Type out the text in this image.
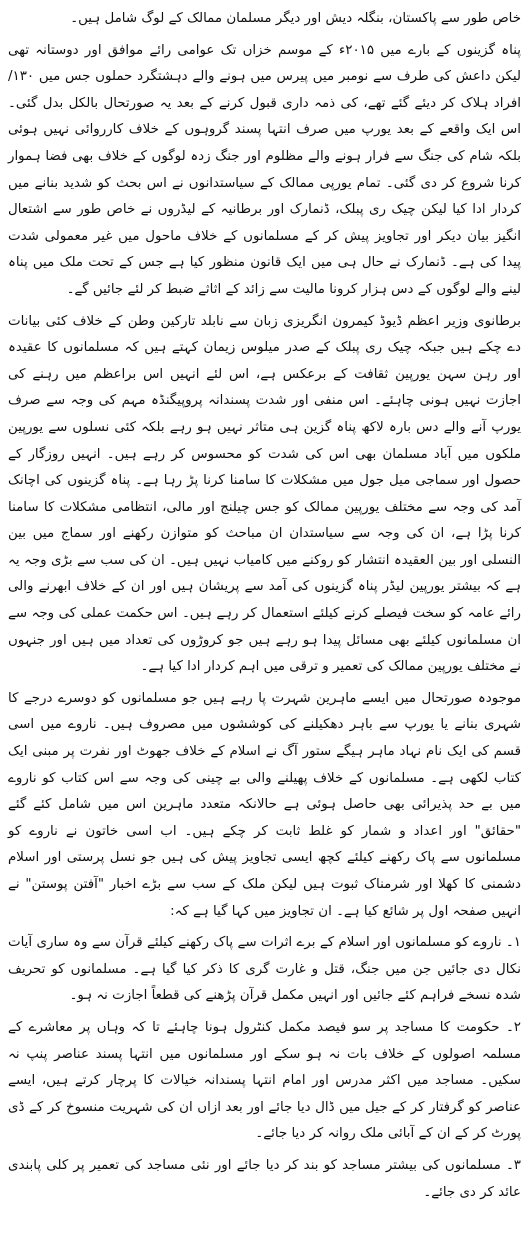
خاص طور سے پاکستان، بنگلہ دیش اور دیگر مسلمان ممالک کے لوگ شامل ہیں۔

پناہ گزینوں کے بارے میں ۲۰۱۵ء کے موسم خزاں تک عوامی رائے موافق اور دوستانہ تھی لیکن داعش کی طرف سے نومبر میں پیرس میں ہونے والے دہشتگرد حملوں جس میں ۱۳۰/افراد ہلاک کر دیئے گئے تھے، کی ذمہ داری قبول کرنے کے بعد یہ صورتحال بالکل بدل گئی۔ اس ایک واقعے کے بعد یورپ میں صرف انتہا پسند گروہوں کے خلاف کارروائی نہیں ہوئی بلکہ شام کی جنگ سے فرار ہونے والے مظلوم اور جنگ زدہ لوگوں کے خلاف بھی فضا ہموار کرنا شروع کر دی گئی۔ تمام یورپی ممالک کے سیاستدانوں نے اس بحث کو شدید بنانے میں کردار ادا کیا لیکن چیک ری پبلک، ڈنمارک اور برطانیہ کے لیڈروں نے خاص طور سے اشتعال انگیز بیان دیکر اور تجاویز پیش کر کے مسلمانوں کے خلاف ماحول میں غیر معمولی شدت پیدا کی ہے۔ ڈنمارک نے حال ہی میں ایک قانون منظور کیا ہے جس کے تحت ملک میں پناہ لینے والے لوگوں کے دس ہزار کرونا مالیت سے زائد کے اثاثے ضبط کر لئے جائیں گے۔

برطانوی وزیر اعظم ڈیوڈ کیمرون انگریزی زبان سے نابلد تارکین وطن کے خلاف کئی بیانات دے چکے ہیں جبکہ چیک ری پبلک کے صدر میلوس زیمان کہتے ہیں کہ مسلمانوں کا عقیدہ اور رہن سہن یورپین ثقافت کے برعکس ہے، اس لئے انہیں اس براعظم میں رہنے کی اجازت نہیں ہونی چاہئے۔ اس منفی اور شدت پسندانہ پروپیگنڈہ مہم کی وجہ سے صرف یورپ آنے والے دس بارہ لاکھ پناہ گزین ہی متاثر نہیں ہو رہے بلکہ کئی نسلوں سے یورپین ملکوں میں آباد مسلمان بھی اس کی شدت کو محسوس کر رہے ہیں۔ انہیں روزگار کے حصول اور سماجی میل جول میں مشکلات کا سامنا کرنا پڑ رہا ہے۔ پناہ گزینوں کی اچانک آمد کی وجہ سے مختلف یورپین ممالک کو جس چیلنج اور مالی، انتظامی مشکلات کا سامنا کرنا پڑا ہے، ان کی وجہ سے سیاستدان ان مباحث کو متوازن رکھنے اور سماج میں بین النسلی اور بین العقیدہ انتشار کو روکنے میں کامیاب نہیں ہیں۔ ان کی سب سے بڑی وجہ یہ ہے کہ بیشتر یورپین لیڈر پناہ گزینوں کی آمد سے پریشان ہیں اور ان کے خلاف ابھرنے والی رائے عامہ کو سخت فیصلے کرنے کیلئے استعمال کر رہے ہیں۔ اس حکمت عملی کی وجہ سے ان مسلمانوں کیلئے بھی مسائل پیدا ہو رہے ہیں جو کروڑوں کی تعداد میں ہیں اور جنہوں نے مختلف یورپین ممالک کی تعمیر و ترقی میں اہم کردار ادا کیا ہے۔

موجودہ صورتحال میں ایسے ماہرین شہرت پا رہے ہیں جو مسلمانوں کو دوسرے درجے کا شہری بنانے یا یورپ سے باہر دھکیلنے کی کوششوں میں مصروف ہیں۔ ناروے میں اسی قسم کی ایک نام نہاد ماہر ہیگے ستور آگ نے اسلام کے خلاف جھوٹ اور نفرت پر مبنی ایک کتاب لکھی ہے۔ مسلمانوں کے خلاف پھیلنے والی بے چینی کی وجہ سے اس کتاب کو ناروے میں بے حد پذیرائی بھی حاصل ہوئی ہے حالانکہ متعدد ماہرین اس میں شامل کئے گئے "حقائق" اور اعداد و شمار کو غلط ثابت کر چکے ہیں۔ اب اسی خاتون نے ناروے کو مسلمانوں سے پاک رکھنے کیلئے کچھ ایسی تجاویز پیش کی ہیں جو نسل پرستی اور اسلام دشمنی کا کھلا اور شرمناک ثبوت ہیں لیکن ملک کے سب سے بڑے اخبار "آفتن پوستن" نے انہیں صفحہ اول پر شائع کیا ہے۔ ان تجاویز میں کہا گیا ہے کہ:

۱۔ ناروے کو مسلمانوں اور اسلام کے برے اثرات سے پاک رکھنے کیلئے قرآن سے وہ ساری آیات نکال دی جائیں جن میں جنگ، قتل و غارت گری کا ذکر کیا گیا ہے۔ مسلمانوں کو تحریف شدہ نسخے فراہم کئے جائیں اور انہیں مکمل قرآن پڑھنے کی قطعاً اجازت نہ ہو۔

۲۔ حکومت کا مساجد پر سو فیصد مکمل کنٹرول ہونا چاہئے تا کہ وہاں پر معاشرے کے مسلمہ اصولوں کے خلاف بات نہ ہو سکے اور مسلمانوں میں انتہا پسند عناصر پنپ نہ سکیں۔ مساجد میں اکثر مدرس اور امام انتہا پسندانہ خیالات کا پرچار کرتے ہیں، ایسے عناصر کو گرفتار کر کے جیل میں ڈال دیا جائے اور بعد ازاں ان کی شہریت منسوخ کر کے ڈی پورٹ کر کے ان کے آبائی ملک روانہ کر دیا جائے۔

۳۔ مسلمانوں کی بیشتر مساجد کو بند کر دیا جائے اور نئی مساجد کی تعمیر پر کلی پابندی عائد کر دی جائے۔
